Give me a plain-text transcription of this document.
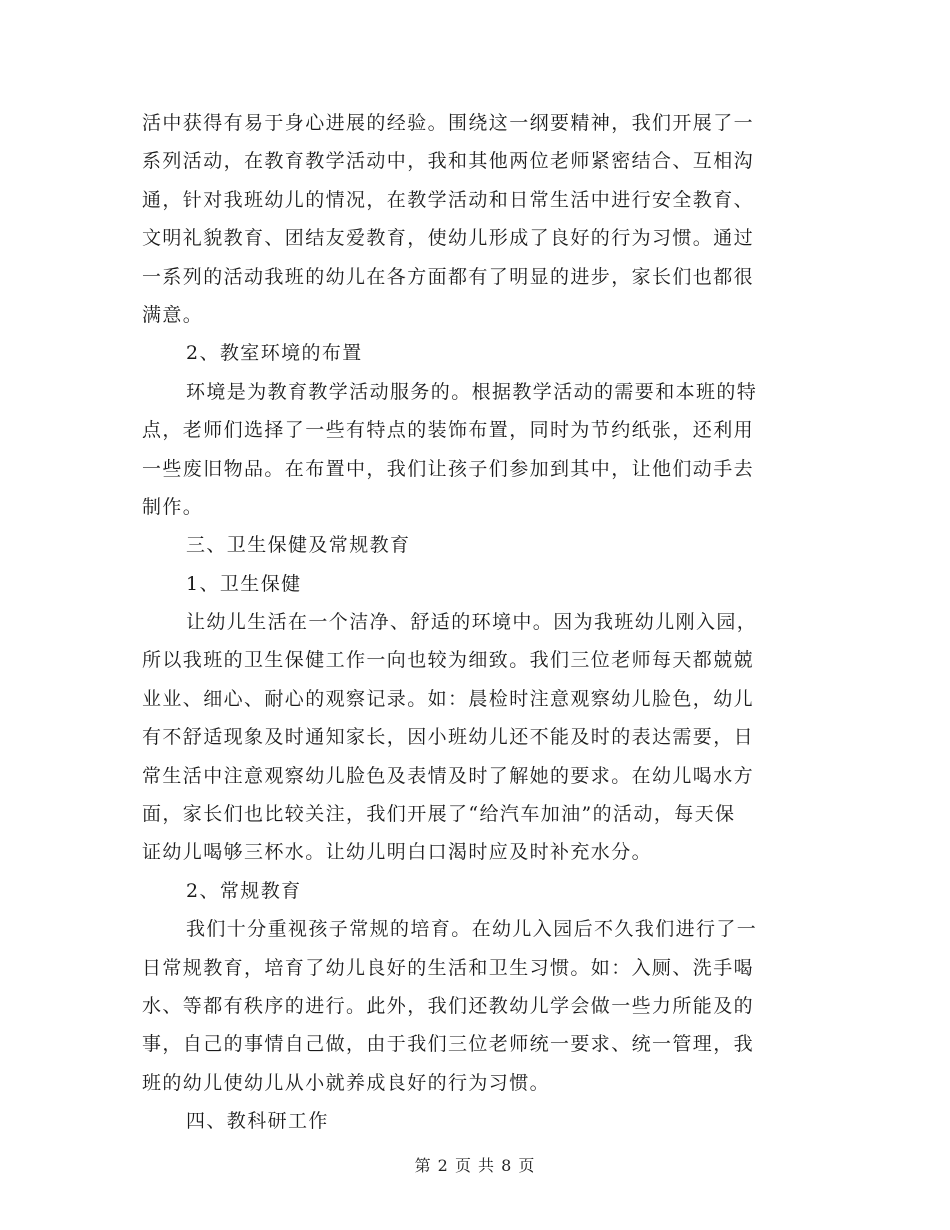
活中获得有易于身心进展的经验。围绕这一纲要精神，我们开展了一
系列活动，在教育教学活动中，我和其他两位老师紧密结合、互相沟
通，针对我班幼儿的情况，在教学活动和日常生活中进行安全教育、
文明礼貌教育、团结友爱教育，使幼儿形成了良好的行为习惯。通过
一系列的活动我班的幼儿在各方面都有了明显的进步，家长们也都很
满意。
2、教室环境的布置
环境是为教育教学活动服务的。根据教学活动的需要和本班的特
点，老师们选择了一些有特点的装饰布置，同时为节约纸张，还利用
一些废旧物品。在布置中，我们让孩子们参加到其中，让他们动手去
制作。
三、卫生保健及常规教育
1、卫生保健
让幼儿生活在一个洁净、舒适的环境中。因为我班幼儿刚入园，
所以我班的卫生保健工作一向也较为细致。我们三位老师每天都兢兢
业业、细心、耐心的观察记录。如：晨检时注意观察幼儿脸色，幼儿
有不舒适现象及时通知家长，因小班幼儿还不能及时的表达需要，日
常生活中注意观察幼儿脸色及表情及时了解她的要求。在幼儿喝水方
面，家长们也比较关注，我们开展了“给汽车加油”的活动，每天保
证幼儿喝够三杯水。让幼儿明白口渴时应及时补充水分。
2、常规教育
我们十分重视孩子常规的培育。在幼儿入园后不久我们进行了一
日常规教育，培育了幼儿良好的生活和卫生习惯。如：入厕、洗手喝
水、等都有秩序的进行。此外，我们还教幼儿学会做一些力所能及的
事，自己的事情自己做，由于我们三位老师统一要求、统一管理，我
班的幼儿使幼儿从小就养成良好的行为习惯。
四、教科研工作
第 2 页 共 8 页
